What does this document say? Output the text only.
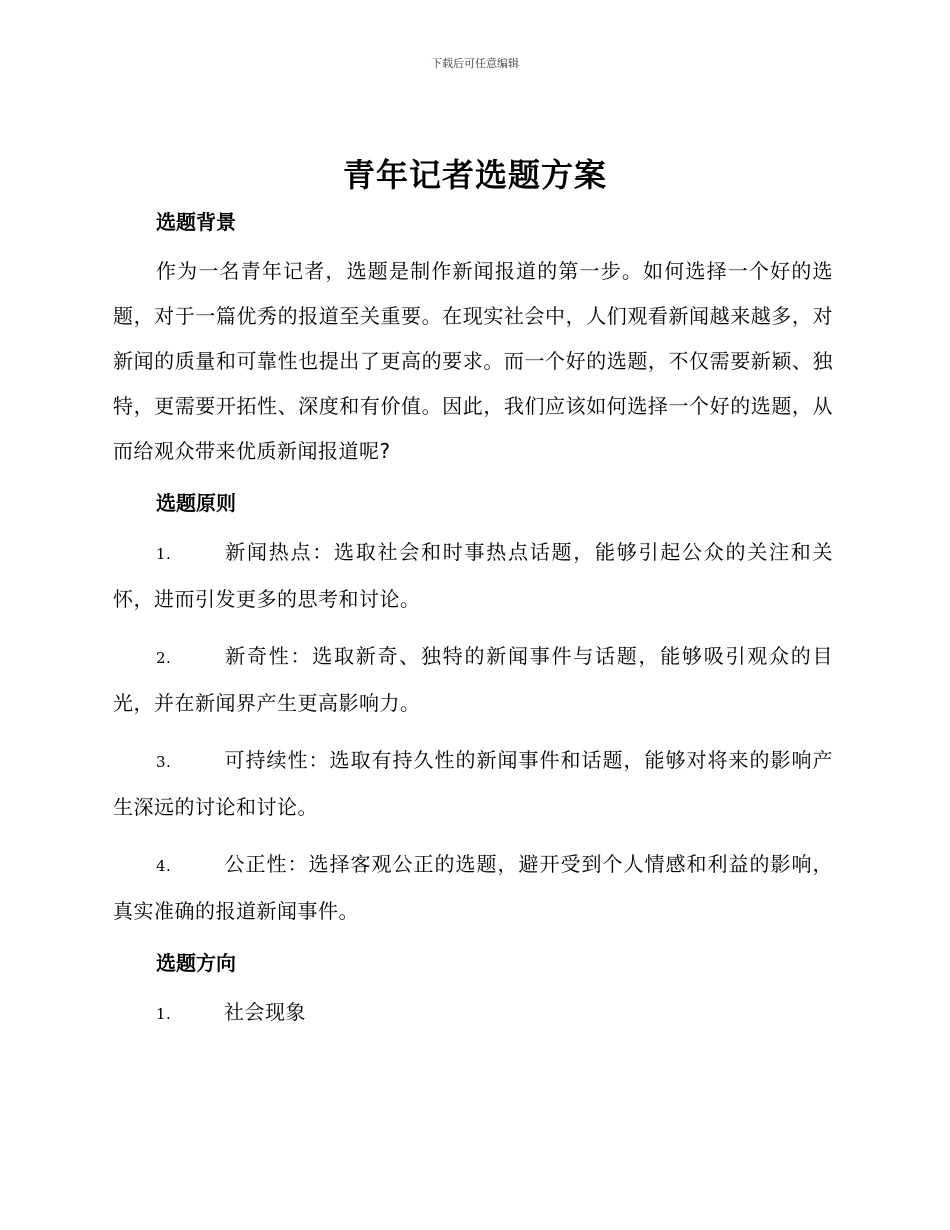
下载后可任意编辑
青年记者选题方案
选题背景

作为一名青年记者，选题是制作新闻报道的第一步。如何选择一个好的选题，对于一篇优秀的报道至关重要。在现实社会中，人们观看新闻越来越多，对新闻的质量和可靠性也提出了更高的要求。而一个好的选题，不仅需要新颖、独特，更需要开拓性、深度和有价值。因此，我们应该如何选择一个好的选题，从而给观众带来优质新闻报道呢?

选题原则

1.	新闻热点：选取社会和时事热点话题，能够引起公众的关注和关怀，进而引发更多的思考和讨论。

2.	新奇性：选取新奇、独特的新闻事件与话题，能够吸引观众的目光，并在新闻界产生更高影响力。

3.	可持续性：选取有持久性的新闻事件和话题，能够对将来的影响产生深远的讨论和讨论。

4.	公正性：选择客观公正的选题，避开受到个人情感和利益的影响，真实准确的报道新闻事件。

选题方向

1.	社会现象
